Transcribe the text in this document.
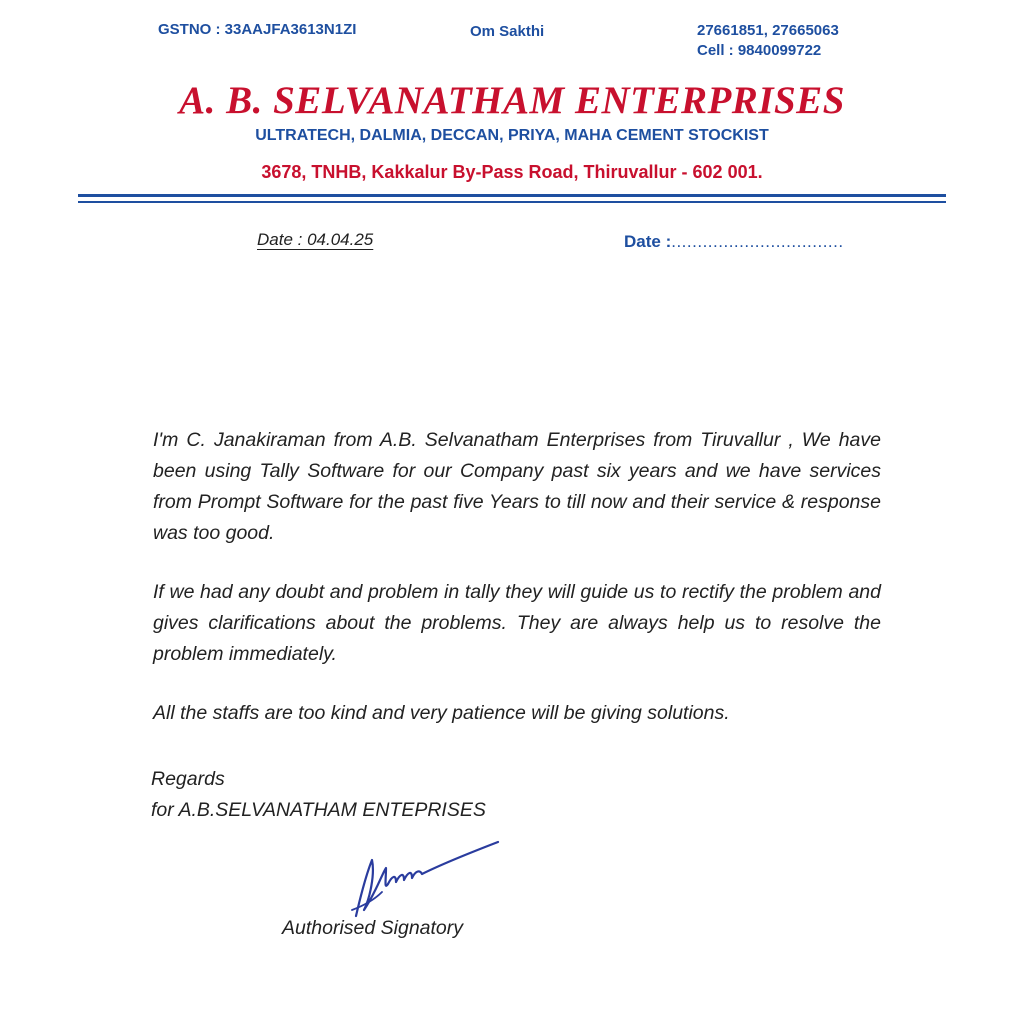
GSTNO : 33AAJFA3613N1ZI	Om Sakthi	27661851, 27665063
Cell : 9840099722
A. B. SELVANATHAM ENTERPRISES
ULTRATECH, DALMIA, DECCAN, PRIYA, MAHA CEMENT STOCKIST
3678, TNHB, Kakkalur By-Pass Road, Thiruvallur - 602 001.
Date : 04.04.25	Date :.................................

I'm C. Janakiraman from A.B. Selvanatham Enterprises from Tiruvallur , We have been using Tally Software for our Company past six years and we have services from Prompt Software for the past five Years to till now and their service & response was too good.

If we had any doubt and problem in tally they will guide us to rectify the problem and gives clarifications about the problems. They are always help us to resolve the problem immediately.

All the staffs are too kind and very patience will be giving solutions.

Regards
for A.B.SELVANATHAM ENTEPRISES
Authorised Signatory
